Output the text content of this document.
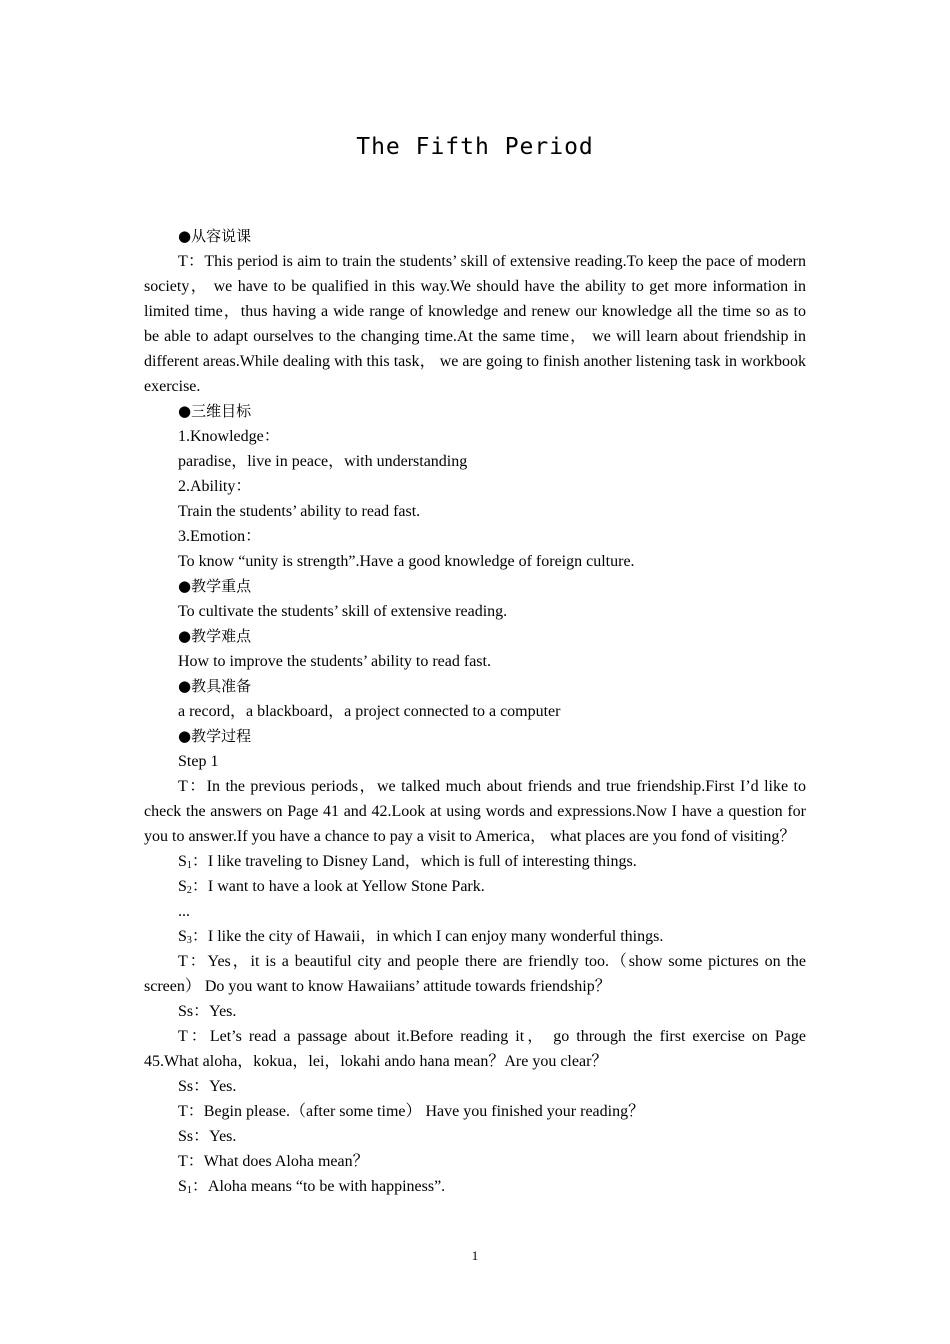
The Fifth Period

●从容说课

T：This period is aim to train the students’ skill of extensive reading.To keep the pace of modern society， we have to be qualified in this way.We should have the ability to get more information in limited time，thus having a wide range of knowledge and renew our knowledge all the time so as to be able to adapt ourselves to the changing time.At the same time， we will learn about friendship in different areas.While dealing with this task， we are going to finish another listening task in workbook exercise.

●三维目标

1.Knowledge：

paradise，live in peace，with understanding

2.Ability：

Train the students’ ability to read fast.

3.Emotion：

To know “unity is strength”.Have a good knowledge of foreign culture.

●教学重点

To cultivate the students’ skill of extensive reading.

●教学难点

How to improve the students’ ability to read fast.

●教具准备

a record，a blackboard，a project connected to a computer

●教学过程

Step 1

T：In the previous periods，we talked much about friends and true friendship.First I’d like to check the answers on Page 41 and 42.Look at using words and expressions.Now I have a question for you to answer.If you have a chance to pay a visit to America， what places are you fond of visiting？

$S_1$：I like traveling to Disney Land，which is full of interesting things.

$S_2$：I want to have a look at Yellow Stone Park.

...

$S_3$：I like the city of Hawaii，in which I can enjoy many wonderful things.

T：Yes，it is a beautiful city and people there are friendly too.（show some pictures on the screen） Do you want to know Hawaiians’ attitude towards friendship？

Ss：Yes.

T：Let’s read a passage about it.Before reading it， go through the first exercise on Page 45.What aloha，kokua，lei，lokahi ando hana mean？Are you clear？

Ss：Yes.

T：Begin please.（after some time） Have you finished your reading？

Ss：Yes.

T：What does Aloha mean？

$S_1$：Aloha means “to be with happiness”.

1
